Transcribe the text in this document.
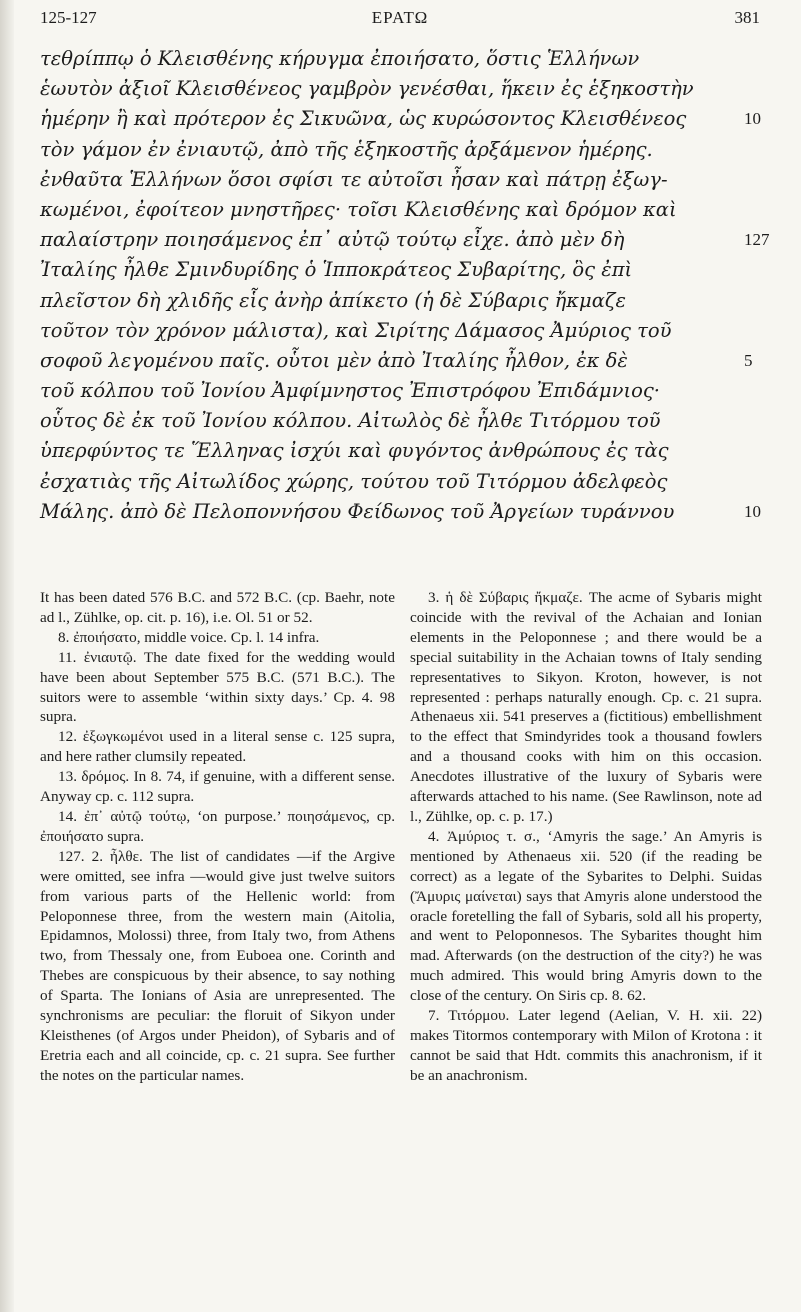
125-127	ΕΡΑΤΩ	381
τεθρίππῳ ὁ Κλεισθένης κήρυγμα ἐποιήσατο, ὅστις Ἑλλήνων
ἑωυτὸν ἀξιοῖ Κλεισθένεος γαμβρὸν γενέσθαι, ἥκειν ἐς ἑξηκοστὴν
ἡμέρην ἢ καὶ πρότερον ἐς Σικυῶνα, ὡς κυρώσοντος Κλεισθένεος	10
τὸν γάμον ἐν ἐνιαυτῷ, ἀπὸ τῆς ἑξηκοστῆς ἀρξάμενον ἡμέρης.
ἐνθαῦτα Ἑλλήνων ὅσοι σφίσι τε αὐτοῖσι ἦσαν καὶ πάτρῃ ἐξωγ-
κωμένοι, ἐφοίτεον μνηστῆρες· τοῖσι Κλεισθένης καὶ δρόμον καὶ
παλαίστρην ποιησάμενος ἐπ᾽ αὐτῷ τούτῳ εἶχε. ἀπὸ μὲν δὴ	127
Ἰταλίης ἦλθε Σμινδυρίδης ὁ Ἱπποκράτεος Συβαρίτης, ὃς ἐπὶ
πλεῖστον δὴ χλιδῆς εἷς ἀνὴρ ἀπίκετο (ἡ δὲ Σύβαρις ἤκμαζε
τοῦτον τὸν χρόνον μάλιστα), καὶ Σιρίτης Δάμασος Ἀμύριος τοῦ
σοφοῦ λεγομένου παῖς. οὗτοι μὲν ἀπὸ Ἰταλίης ἦλθον, ἐκ δὲ	5
τοῦ κόλπου τοῦ Ἰονίου Ἀμφίμνηστος Ἐπιστρόφου Ἐπιδάμνιος·
οὗτος δὲ ἐκ τοῦ Ἰονίου κόλπου. Αἰτωλὸς δὲ ἦλθε Τιτόρμου τοῦ
ὑπερφύντος τε Ἕλληνας ἰσχύι καὶ φυγόντος ἀνθρώπους ἐς τὰς
ἐσχατιὰς τῆς Αἰτωλίδος χώρης, τούτου τοῦ Τιτόρμου ἀδελφεὸς
Μάλης. ἀπὸ δὲ Πελοποννήσου Φείδωνος τοῦ Ἀργείων τυράννου	10

It has been dated 576 B.C. and 572 B.C. (cp. Baehr, note ad l., Zühlke, op. cit. p. 16), i.e. Ol. 51 or 52.

8. ἐποιήσατο, middle voice. Cp. l. 14 infra.

11. ἐνιαυτῷ. The date fixed for the wedding would have been about September 575 B.C. (571 B.C.). The suitors were to assemble ‘within sixty days.’ Cp. 4. 98 supra.

12. ἐξωγκωμένοι used in a literal sense c. 125 supra, and here rather clumsily repeated.

13. δρόμος. In 8. 74, if genuine, with a different sense. Anyway cp. c. 112 supra.

14. ἐπ᾽ αὐτῷ τούτῳ, ‘on purpose.’ ποιησάμενος, cp. ἐποιήσατο supra.

127. 2. ἦλθε. The list of candidates —if the Argive were omitted, see infra —would give just twelve suitors from various parts of the Hellenic world: from Peloponnese three, from the western main (Aitolia, Epidamnos, Molossi) three, from Italy two, from Athens two, from Thessaly one, from Euboea one. Corinth and Thebes are conspicuous by their absence, to say nothing of Sparta. The Ionians of Asia are unrepresented. The synchronisms are peculiar: the floruit of Sikyon under Kleisthenes (of Argos under Pheidon), of Sybaris and of Eretria each and all coincide, cp. c. 21 supra. See further the notes on the particular names.

3. ἡ δὲ Σύβαρις ἤκμαζε. The acme of Sybaris might coincide with the revival of the Achaian and Ionian elements in the Peloponnese ; and there would be a special suitability in the Achaian towns of Italy sending representatives to Sikyon. Kroton, however, is not represented : perhaps naturally enough. Cp. c. 21 supra. Athenaeus xii. 541 preserves a (fictitious) embellishment to the effect that Smindyrides took a thousand fowlers and a thousand cooks with him on this occasion. Anecdotes illustrative of the luxury of Sybaris were afterwards attached to his name. (See Rawlinson, note ad l., Zühlke, op. c. p. 17.)

4. Ἀμύριος τ. σ., ‘Amyris the sage.’ An Amyris is mentioned by Athenaeus xii. 520 (if the reading be correct) as a legate of the Sybarites to Delphi. Suidas (Ἄμυρις μαίνεται) says that Amyris alone understood the oracle foretelling the fall of Sybaris, sold all his property, and went to Peloponnesos. The Sybarites thought him mad. Afterwards (on the destruction of the city?) he was much admired. This would bring Amyris down to the close of the century. On Siris cp. 8. 62.

7. Τιτόρμου. Later legend (Aelian, V. H. xii. 22) makes Titormos contemporary with Milon of Krotona : it cannot be said that Hdt. commits this anachronism, if it be an anachronism.
